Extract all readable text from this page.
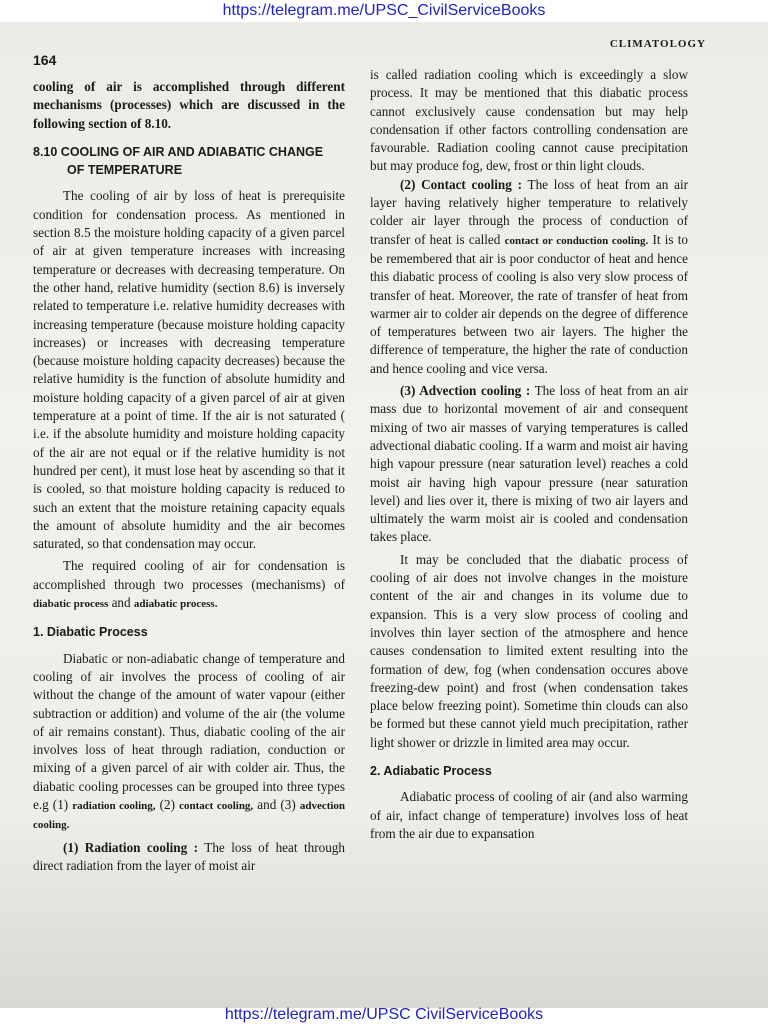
https://telegram.me/UPSC_CivilServiceBooks
164
CLIMATOLOGY

cooling of air is accomplished through different mechanisms (processes) which are discussed in the following section of 8.10.

8.10 COOLING OF AIR AND ADIABATIC CHANGE
OF TEMPERATURE

The cooling of air by loss of heat is prerequisite condition for condensation process. As mentioned in section 8.5 the moisture holding capacity of a given parcel of air at given temperature increases with increasing temperature or decreases with decreasing temperature. On the other hand, relative humidity (section 8.6) is inversely related to temperature i.e. relative humidity decreases with increasing temperature (because moisture holding capacity increases) or increases with decreasing temperature (because moisture holding capacity decreases) because the relative humidity is the function of absolute humidity and moisture holding capacity of a given parcel of air at given temperature at a point of time. If the air is not saturated ( i.e. if the absolute humidity and moisture holding capacity of the air are not equal or if the relative humidity is not hundred per cent), it must lose heat by ascending so that it is cooled, so that moisture holding capacity is reduced to such an extent that the moisture retaining capacity equals the amount of absolute humidity and the air becomes saturated, so that condensation may occur.

The required cooling of air for condensation is accomplished through two processes (mechanisms) of diabatic process and adiabatic process.

1. Diabatic Process

Diabatic or non-adiabatic change of temperature and cooling of air involves the process of cooling of air without the change of the amount of water vapour (either subtraction or addition) and volume of the air (the volume of air remains constant). Thus, diabatic cooling of the air involves loss of heat through radiation, conduction or mixing of a given parcel of air with colder air. Thus, the diabatic cooling processes can be grouped into three types e.g (1) radiation cooling, (2) contact cooling, and (3) advection cooling.

(1) Radiation cooling : The loss of heat through direct radiation from the layer of moist air

is called radiation cooling which is exceedingly a slow process. It may be mentioned that this diabatic process cannot exclusively cause condensation but may help condensation if other factors controlling condensation are favourable. Radiation cooling cannot cause precipitation but may produce fog, dew, frost or thin light clouds.

(2) Contact cooling : The loss of heat from an air layer having relatively higher temperature to relatively colder air layer through the process of conduction of transfer of heat is called contact or conduction cooling. It is to be remembered that air is poor conductor of heat and hence this diabatic process of cooling is also very slow process of transfer of heat. Moreover, the rate of transfer of heat from warmer air to colder air depends on the degree of difference of temperatures between two air layers. The higher the difference of temperature, the higher the rate of conduction and hence cooling and vice versa.

(3) Advection cooling : The loss of heat from an air mass due to horizontal movement of air and consequent mixing of two air masses of varying temperatures is called advectional diabatic cooling. If a warm and moist air having high vapour pressure (near saturation level) reaches a cold moist air having high vapour pressure (near saturation level) and lies over it, there is mixing of two air layers and ultimately the warm moist air is cooled and condensation takes place.

It may be concluded that the diabatic process of cooling of air does not involve changes in the moisture content of the air and changes in its volume due to expansion. This is a very slow process of cooling and involves thin layer section of the atmosphere and hence causes condensation to limited extent resulting into the formation of dew, fog (when condensation occures above freezing-dew point) and frost (when condensation takes place below freezing point). Sometime thin clouds can also be formed but these cannot yield much precipitation, rather light shower or drizzle in limited area may occur.

2. Adiabatic Process

Adiabatic process of cooling of air (and also warming of air, infact change of temperature) involves loss of heat from the air due to expansation

https://telegram.me/UPSC CivilServiceBooks
